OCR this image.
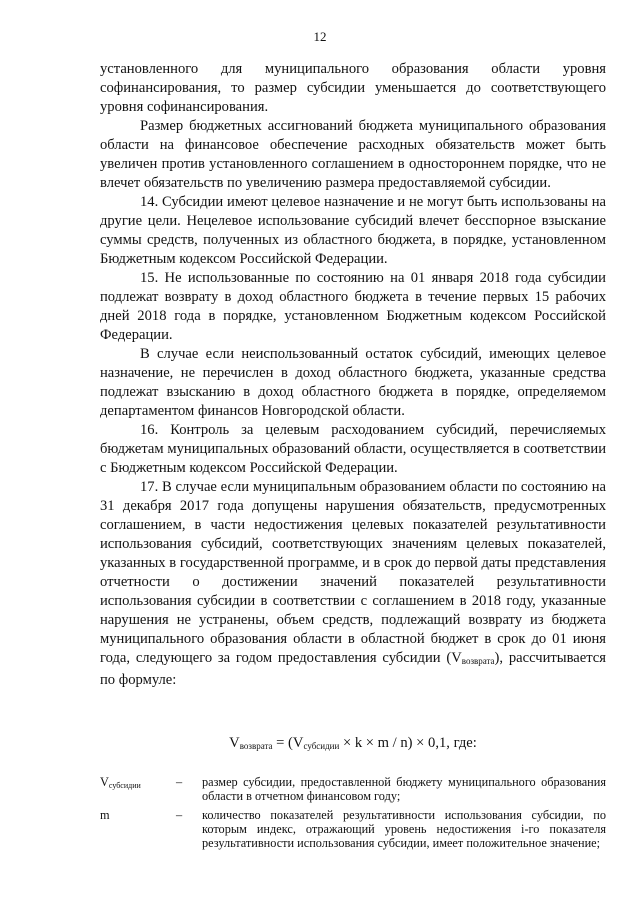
12

установленного для муниципального образования области уровня софинансирования, то размер субсидии уменьшается до соответствующего уровня софинансирования.

Размер бюджетных ассигнований бюджета муниципального образования области на финансовое обеспечение расходных обязательств может быть увеличен против установленного соглашением в одностороннем порядке, что не влечет обязательств по увеличению размера предоставляемой субсидии.

14. Субсидии имеют целевое назначение и не могут быть использованы на другие цели. Нецелевое использование субсидий влечет бесспорное взыскание суммы средств, полученных из областного бюджета, в порядке, установленном Бюджетным кодексом Российской Федерации.

15. Не использованные по состоянию на 01 января 2018 года субсидии подлежат возврату в доход областного бюджета в течение первых 15 рабочих дней 2018 года в порядке, установленном Бюджетным кодексом Российской Федерации.

В случае если неиспользованный остаток субсидий, имеющих целевое назначение, не перечислен в доход областного бюджета, указанные средства подлежат взысканию в доход областного бюджета в порядке, определяемом департаментом финансов Новгородской области.

16. Контроль за целевым расходованием субсидий, перечисляемых бюджетам муниципальных образований области, осуществляется в соответствии с Бюджетным кодексом Российской Федерации.

17. В случае если муниципальным образованием области по состоянию на 31 декабря 2017 года допущены нарушения обязательств, предусмотренных соглашением, в части недостижения целевых показателей результативности использования субсидий, соответствующих значениям целевых показателей, указанных в государственной программе, и в срок до первой даты представления отчетности о достижении значений показателей результативности использования субсидии в соответствии с соглашением в 2018 году, указанные нарушения не устранены, объем средств, подлежащий возврату из бюджета муниципального образования области в областной бюджет в срок до 01 июня года, следующего за годом предоставления субсидии $(V_{возврата})$, рассчитывается по формуле:

$V_{возврата} = (V_{субсидии} \times k \times m / n) \times 0,1$, где:
$V_{субсидии}$	– размер субсидии, предоставленной бюджету муниципального образования области в отчетном финансовом году;
m	– количество показателей результативности использования субсидии, по которым индекс, отражающий уровень недостижения i-го показателя результативности использования субсидии, имеет положительное значение;
